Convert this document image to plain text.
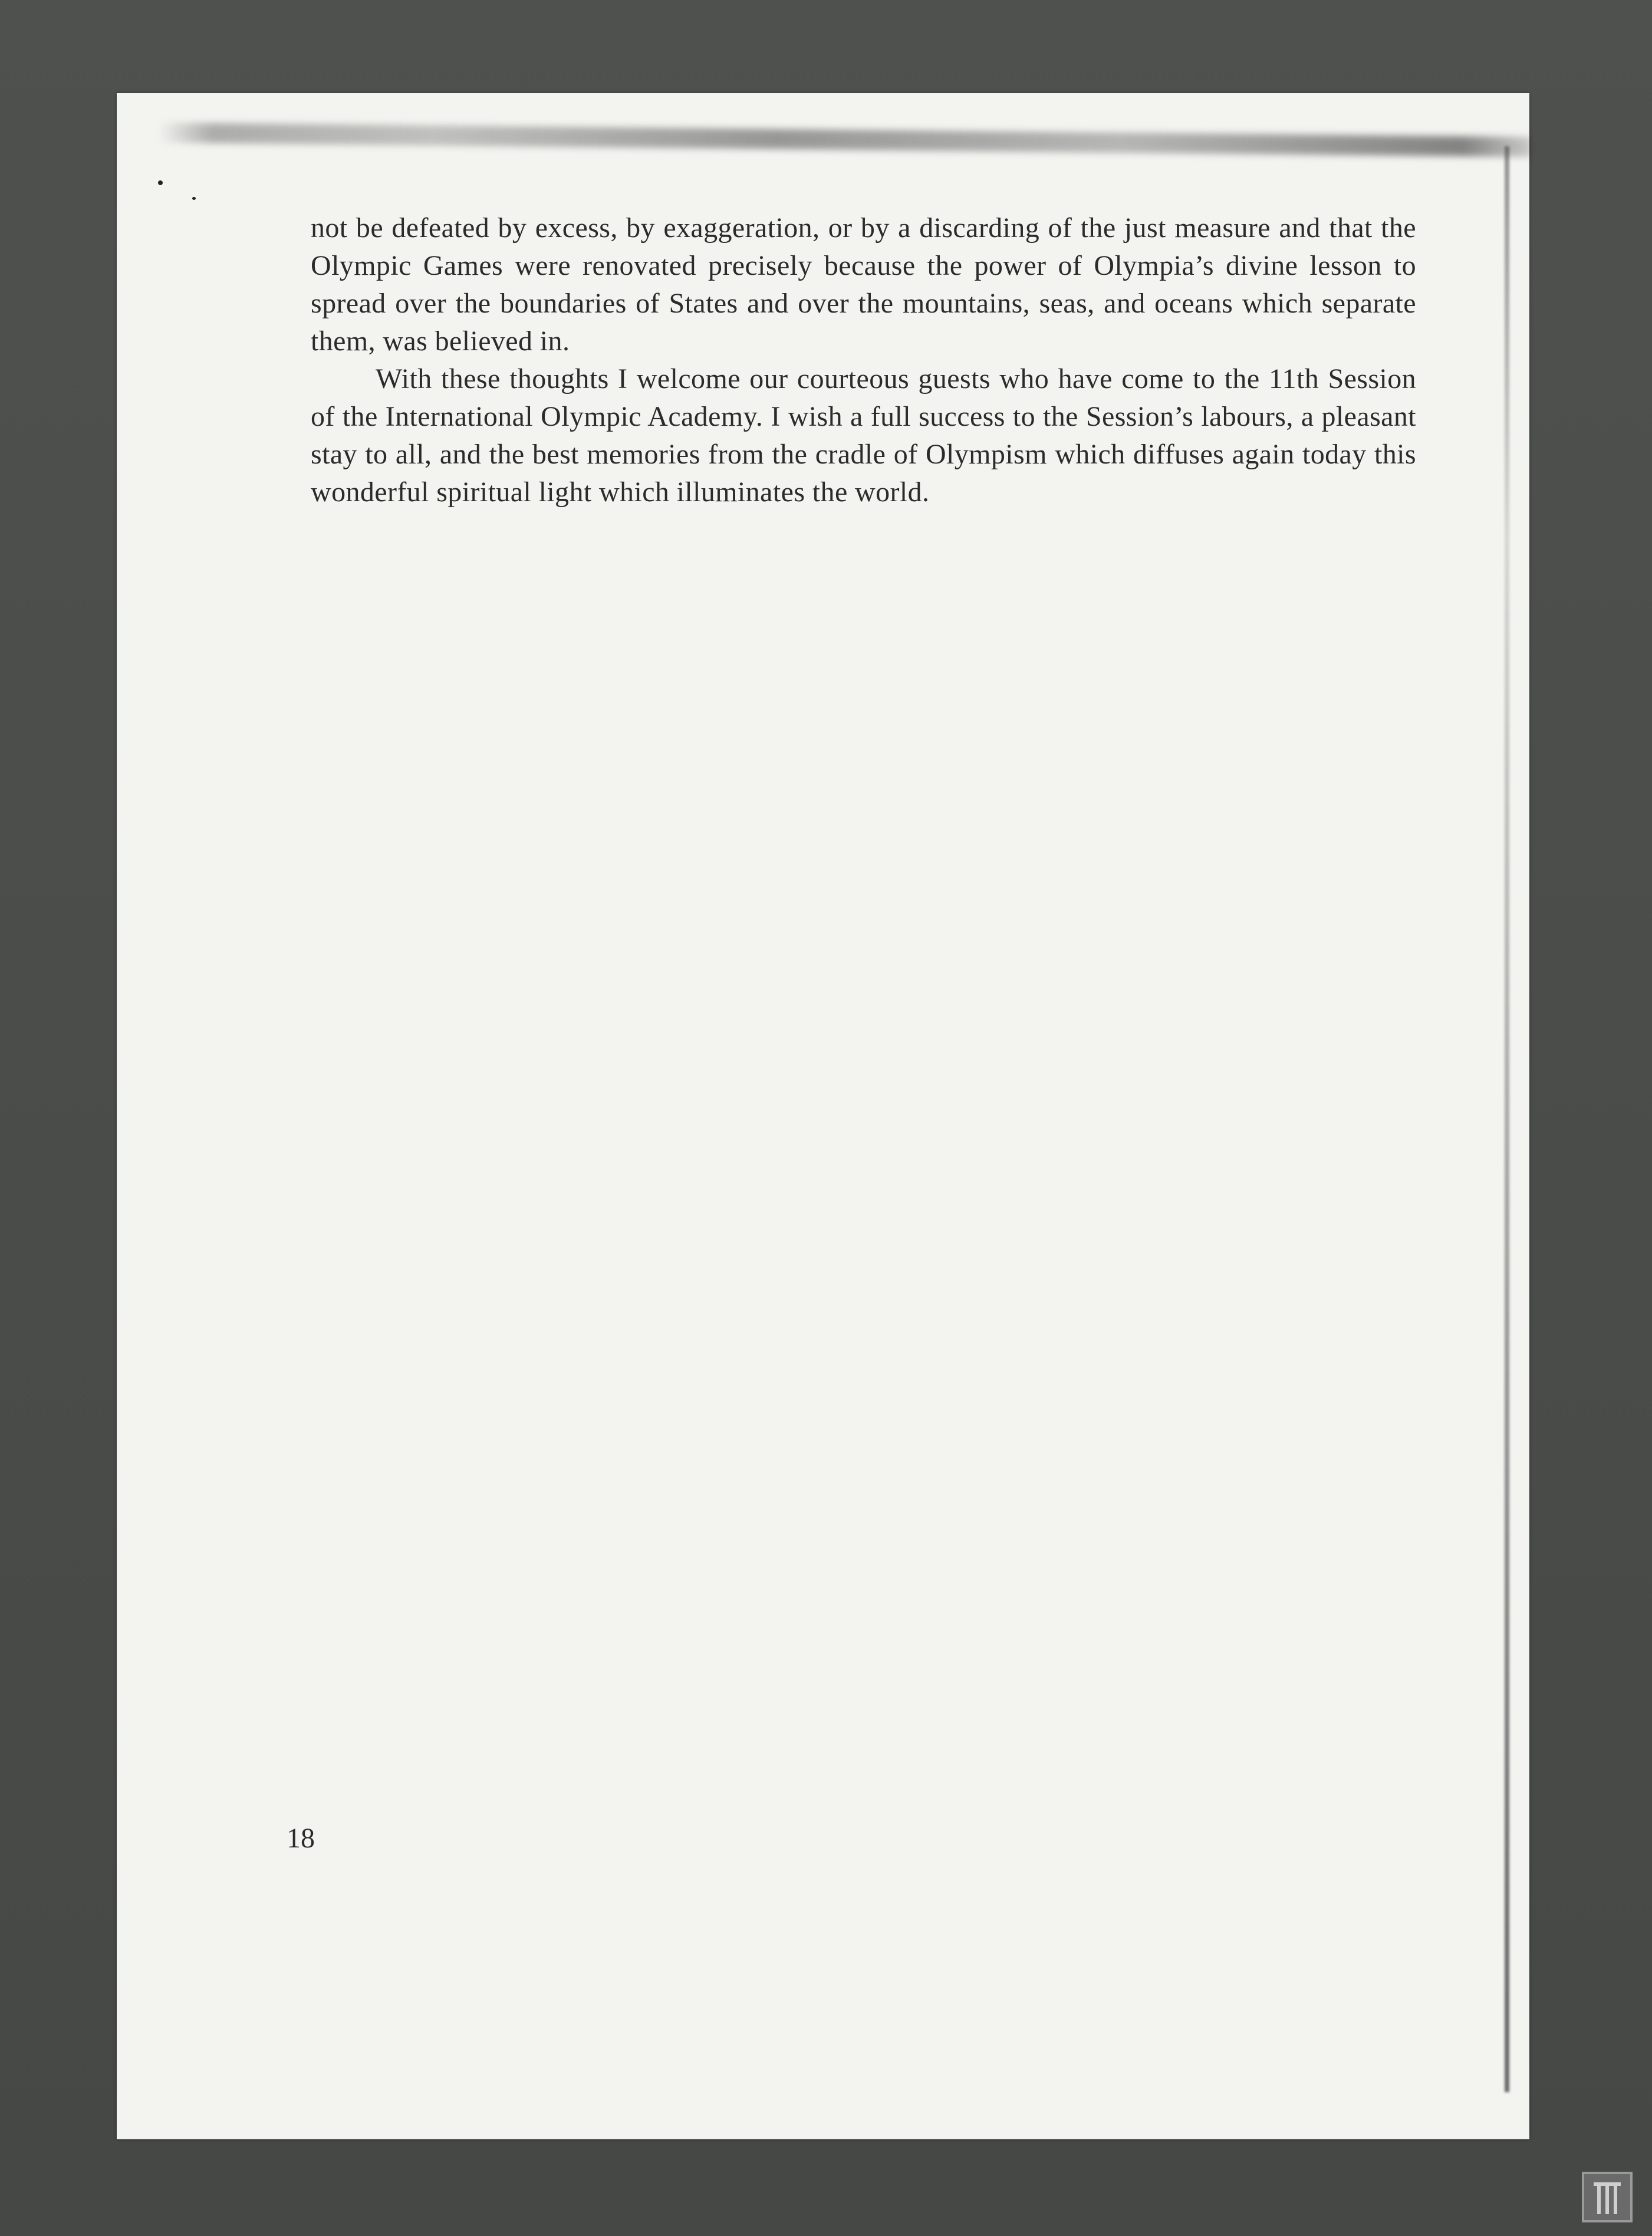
not be defeated by excess, by exaggeration, or by a discarding of the just measure and that the Olympic Games were renovated precisely because the power of Olympia’s divine lesson to spread over the boundaries of States and over the mountains, seas, and oceans which separate them, was believed in.

With these thoughts I welcome our courteous guests who have come to the 11th Session of the International Olympic Academy. I wish a full success to the Session’s labours, a pleasant stay to all, and the best memories from the cradle of Olympism which diffuses again today this wonderful spiritual light which illuminates the world.

18
